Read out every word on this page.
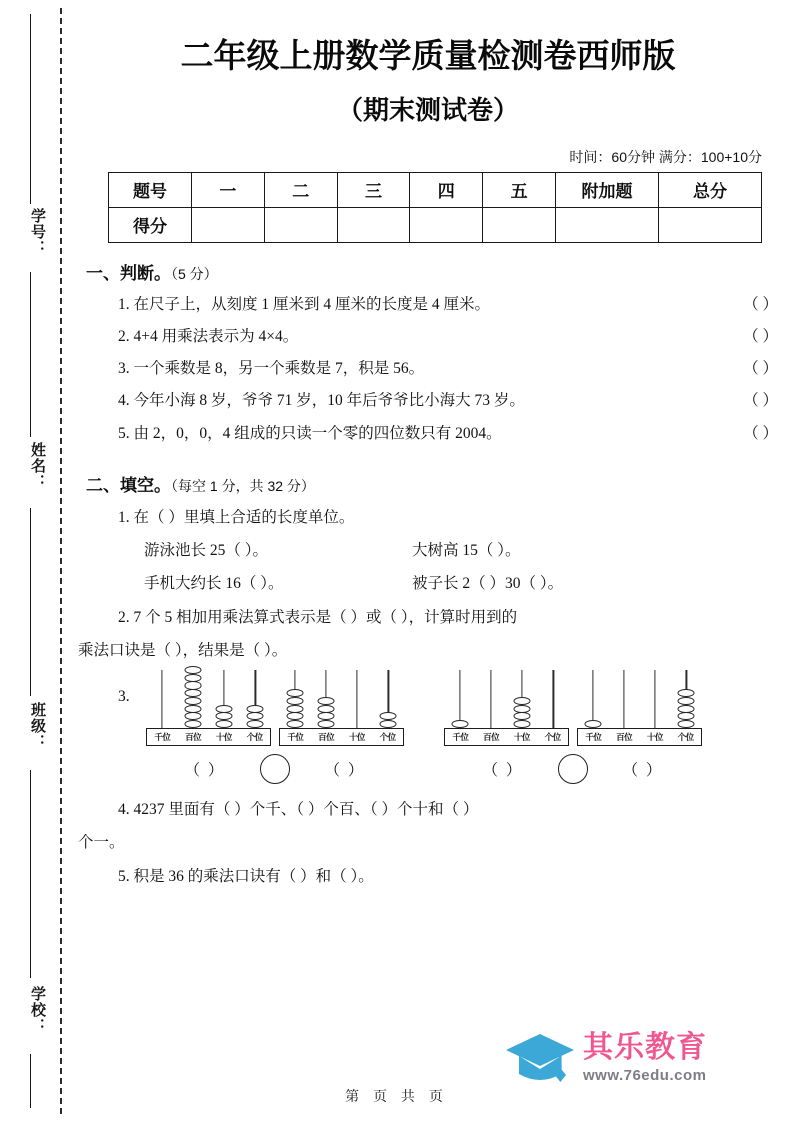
学号：
姓名：
班级：
学校：
二年级上册数学质量检测卷西师版
（期末测试卷）
时间：60分钟 满分：100+10分
题号	一	二	三	四	五	附加题	总分
得分							
一、判断。（5 分）
1. 在尺子上，从刻度 1 厘米到 4 厘米的长度是 4 厘米。	（ ）
2. 4+4 用乘法表示为 4×4。	（ ）
3. 一个乘数是 8，另一个乘数是 7，积是 56。	（ ）
4. 今年小海 8 岁，爷爷 71 岁，10 年后爷爷比小海大 73 岁。	（ ）
5. 由 2，0，0，4 组成的只读一个零的四位数只有 2004。	（ ）
二、填空。（每空 1 分，共 32 分）
1. 在（ ）里填上合适的长度单位。
游泳池长 25（ ）。	大树高 15（ ）。
手机大约长 16（ ）。	被子长 2（ ）30（ ）。
2. 7 个 5 相加用乘法算式表示是（ ）或（ ），计算时用到的
乘法口诀是（ ），结果是（ ）。
3.
千位	百位	十位	个位	千位	百位	十位	个位
（ ）	（ ）
千位	百位	十位	个位	千位	百位	十位	个位
（ ）	（ ）
4. 4237 里面有（ ）个千、（ ）个百、（ ）个十和（ ）
个一。
5. 积是 36 的乘法口诀有（ ）和（ ）。
其乐教育
www.76edu.com
第 页 共 页
